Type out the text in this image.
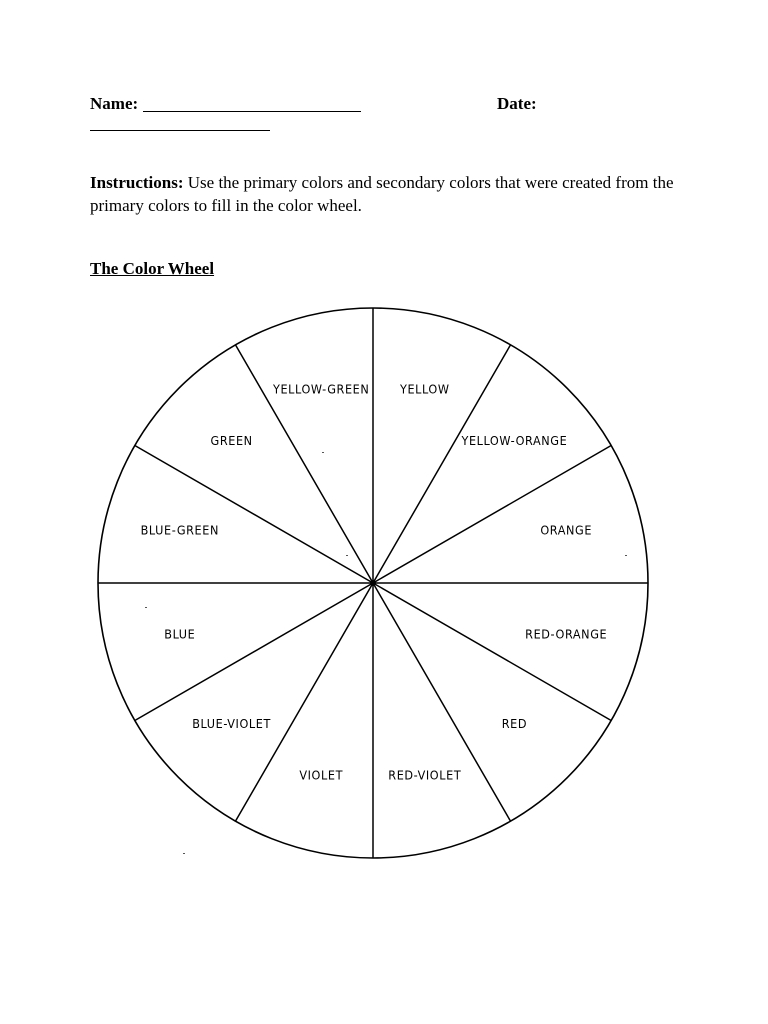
Name:	Date:
Instructions: Use the primary colors and secondary colors that were created from the primary colors to fill in the color wheel.
The Color Wheel
YELLOW
YELLOW-ORANGE
ORANGE
RED-ORANGE
RED
RED-VIOLET
VIOLET
BLUE-VIOLET
BLUE
BLUE-GREEN
GREEN
YELLOW-GREEN
